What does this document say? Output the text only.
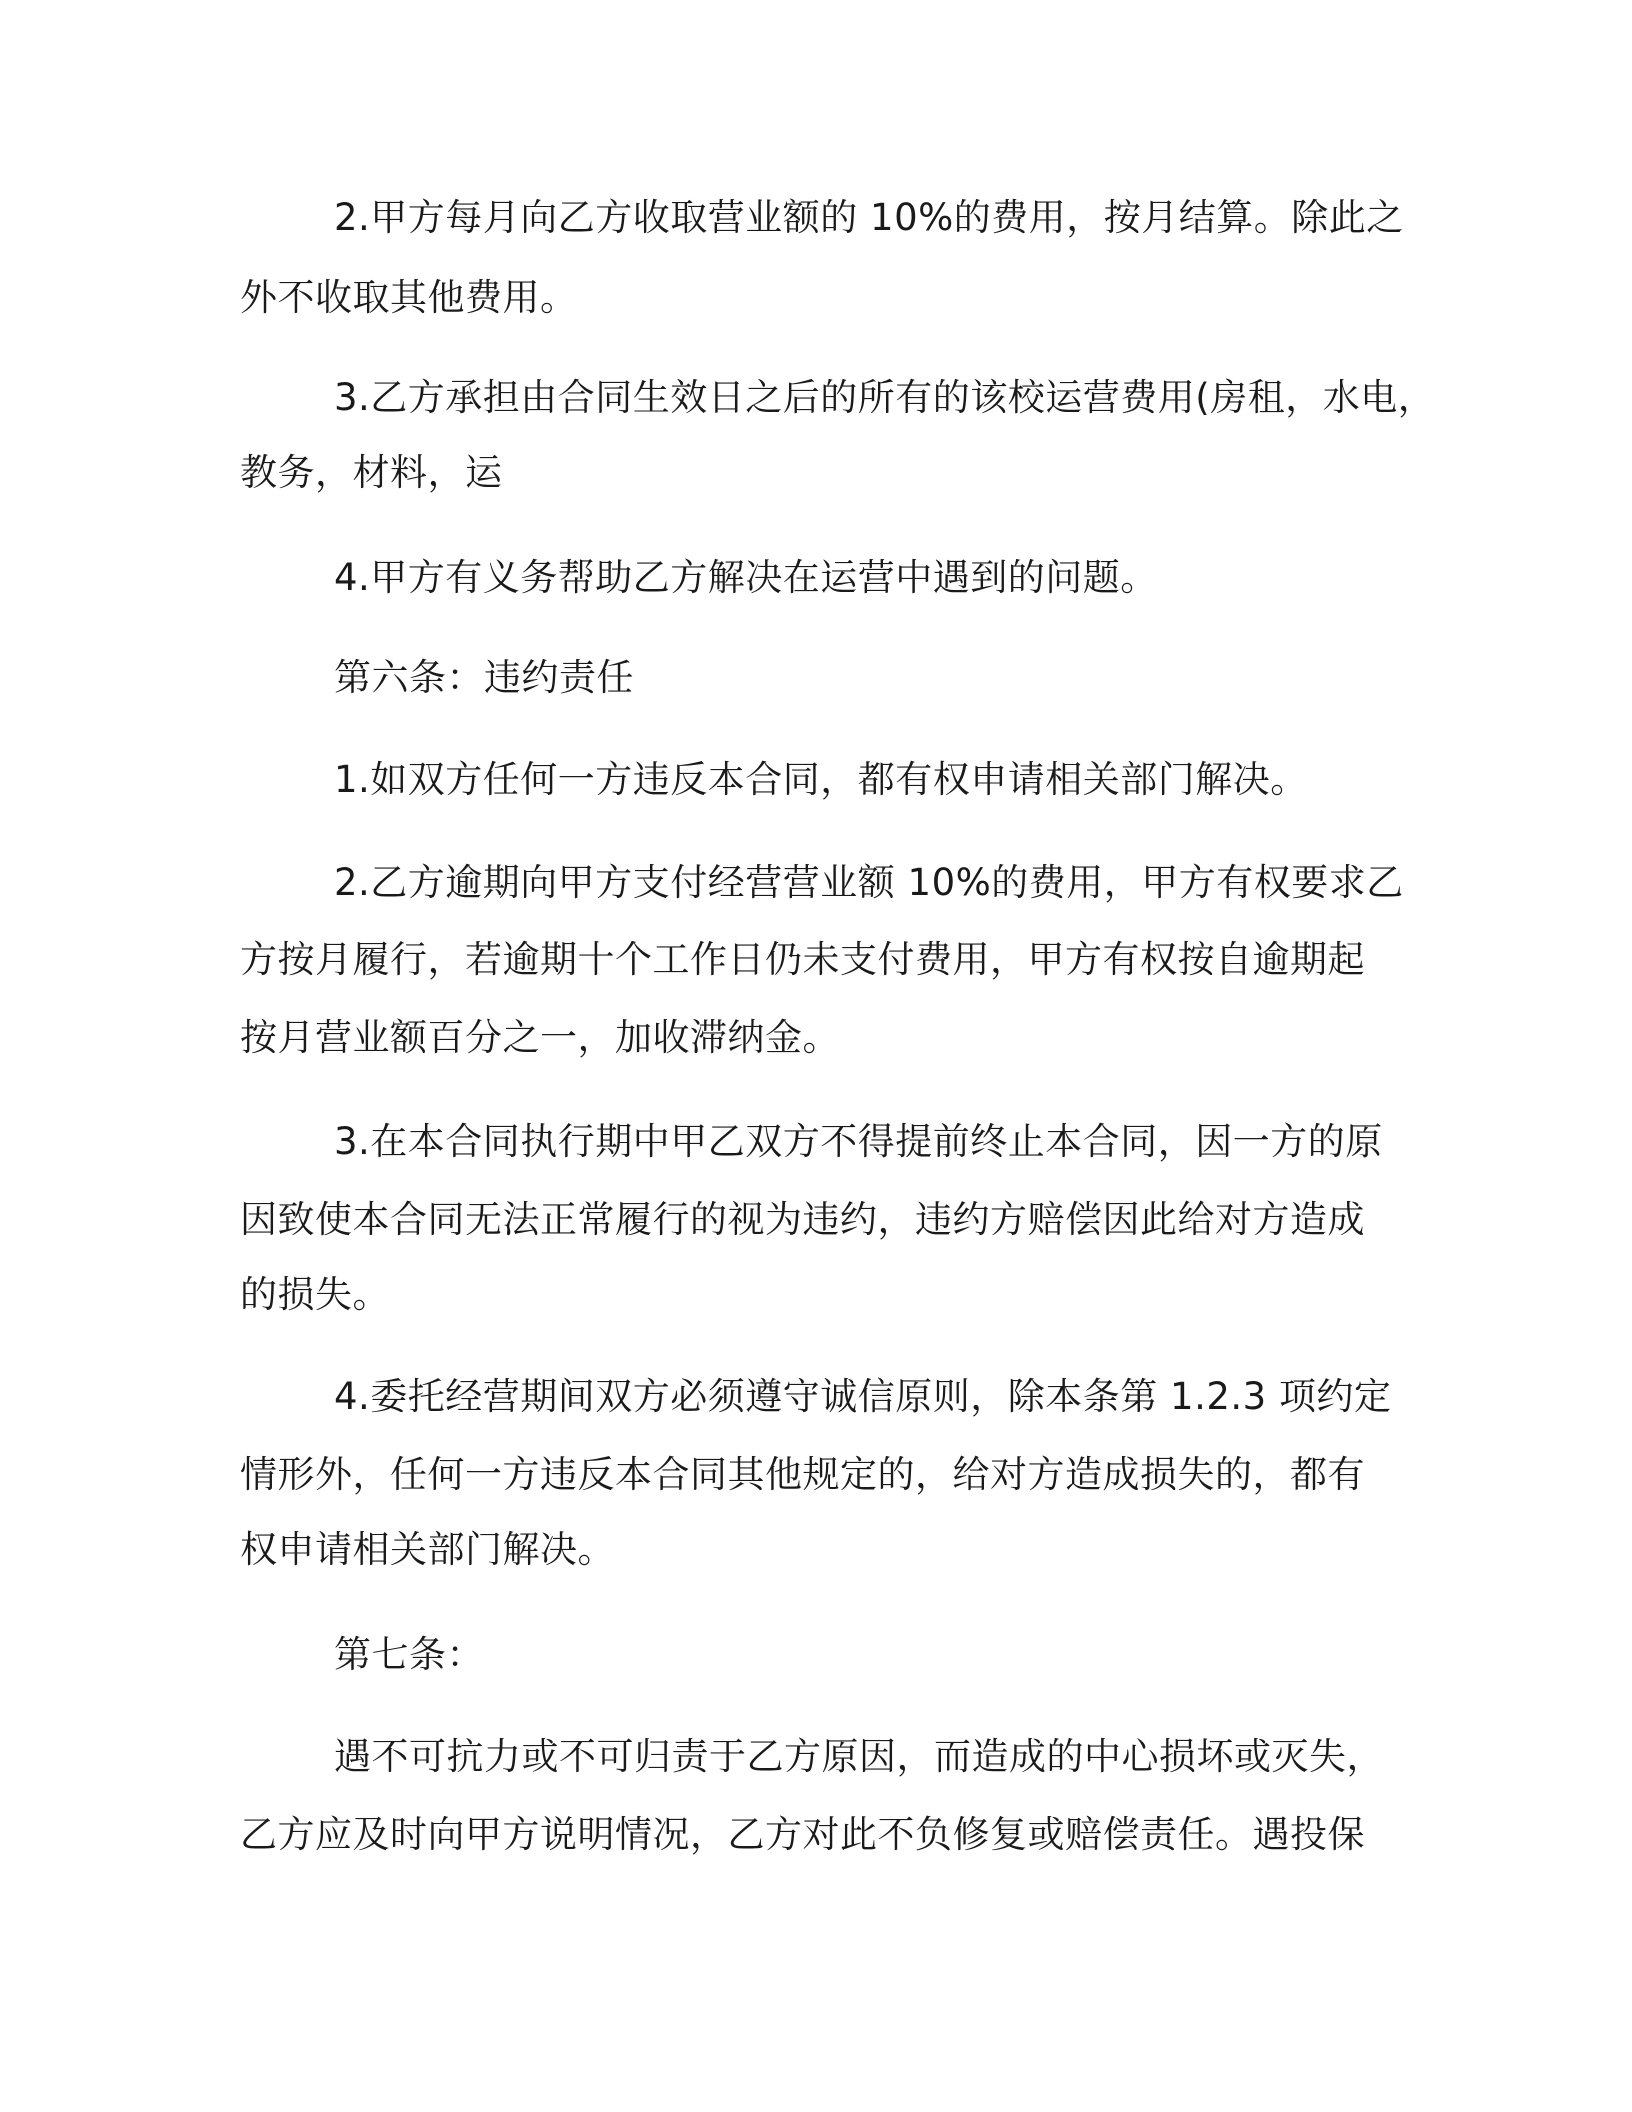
2.甲方每月向乙方收取营业额的 10%的费用，按月结算。除此之
外不收取其他费用。
3.乙方承担由合同生效日之后的所有的该校运营费用(房租，水电，
教务，材料，运
4.甲方有义务帮助乙方解决在运营中遇到的问题。
第六条：违约责任
1.如双方任何一方违反本合同，都有权申请相关部门解决。
2.乙方逾期向甲方支付经营营业额 10%的费用，甲方有权要求乙
方按月履行，若逾期十个工作日仍未支付费用，甲方有权按自逾期起
按月营业额百分之一，加收滞纳金。
3.在本合同执行期中甲乙双方不得提前终止本合同，因一方的原
因致使本合同无法正常履行的视为违约，违约方赔偿因此给对方造成
的损失。
4.委托经营期间双方必须遵守诚信原则，除本条第 1.2.3 项约定
情形外，任何一方违反本合同其他规定的，给对方造成损失的，都有
权申请相关部门解决。
第七条：
遇不可抗力或不可归责于乙方原因，而造成的中心损坏或灭失，
乙方应及时向甲方说明情况，乙方对此不负修复或赔偿责任。遇投保
